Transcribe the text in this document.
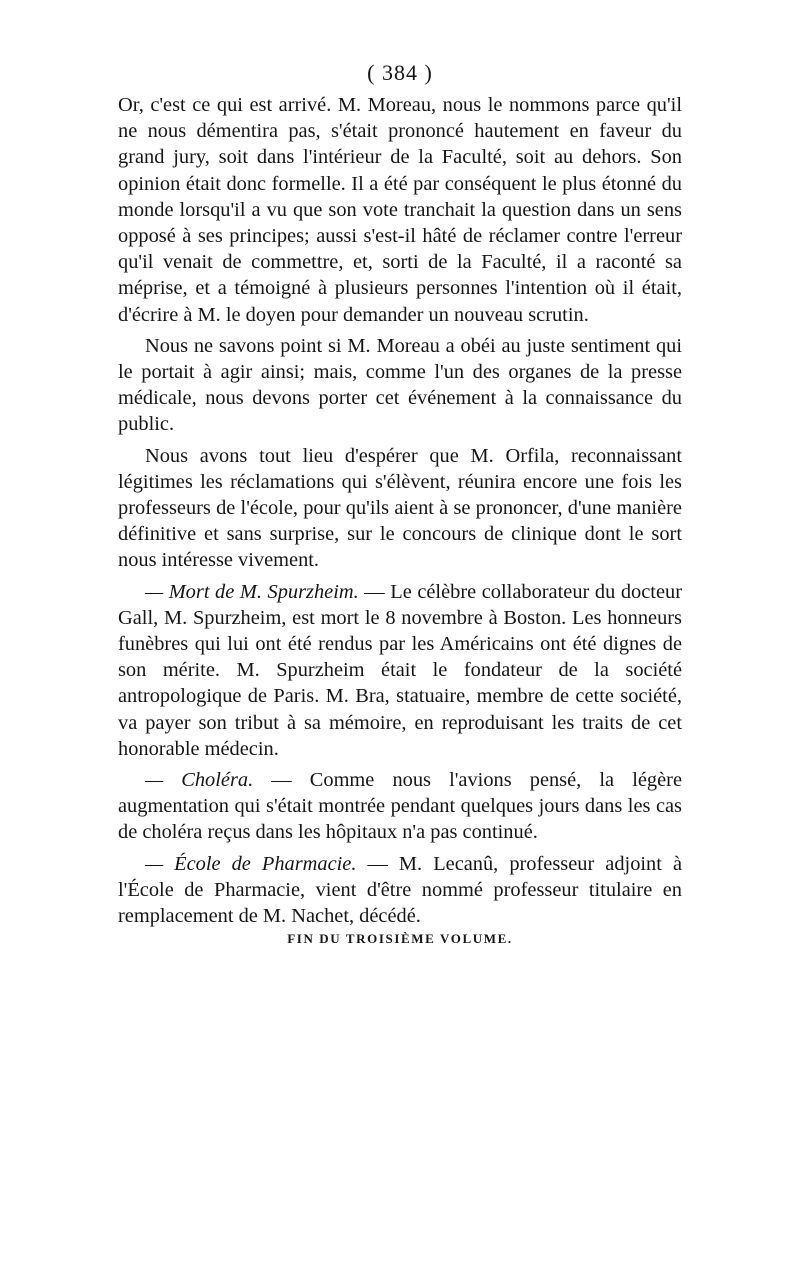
( 384 )

Or, c'est ce qui est arrivé. M. Moreau, nous le nommons parce qu'il ne nous démentira pas, s'était prononcé hautement en faveur du grand jury, soit dans l'intérieur de la Faculté, soit au dehors. Son opinion était donc formelle. Il a été par conséquent le plus étonné du monde lorsqu'il a vu que son vote tranchait la question dans un sens opposé à ses principes; aussi s'est-il hâté de réclamer contre l'erreur qu'il venait de commettre, et, sorti de la Faculté, il a raconté sa méprise, et a témoigné à plusieurs personnes l'intention où il était, d'écrire à M. le doyen pour demander un nouveau scrutin.

Nous ne savons point si M. Moreau a obéi au juste sentiment qui le portait à agir ainsi; mais, comme l'un des organes de la presse médicale, nous devons porter cet événement à la connaissance du public.

Nous avons tout lieu d'espérer que M. Orfila, reconnaissant légitimes les réclamations qui s'élèvent, réunira encore une fois les professeurs de l'école, pour qu'ils aient à se prononcer, d'une manière définitive et sans surprise, sur le concours de clinique dont le sort nous intéresse vivement.

— Mort de M. Spurzheim. — Le célèbre collaborateur du docteur Gall, M. Spurzheim, est mort le 8 novembre à Boston. Les honneurs funèbres qui lui ont été rendus par les Américains ont été dignes de son mérite. M. Spurzheim était le fondateur de la société antropologique de Paris. M. Bra, statuaire, membre de cette société, va payer son tribut à sa mémoire, en reproduisant les traits de cet honorable médecin.

— Choléra. — Comme nous l'avions pensé, la légère augmentation qui s'était montrée pendant quelques jours dans les cas de choléra reçus dans les hôpitaux n'a pas continué.

— École de Pharmacie. — M. Lecanû, professeur adjoint à l'École de Pharmacie, vient d'être nommé professeur titulaire en remplacement de M. Nachet, décédé.

FIN DU TROISIÈME VOLUME.
